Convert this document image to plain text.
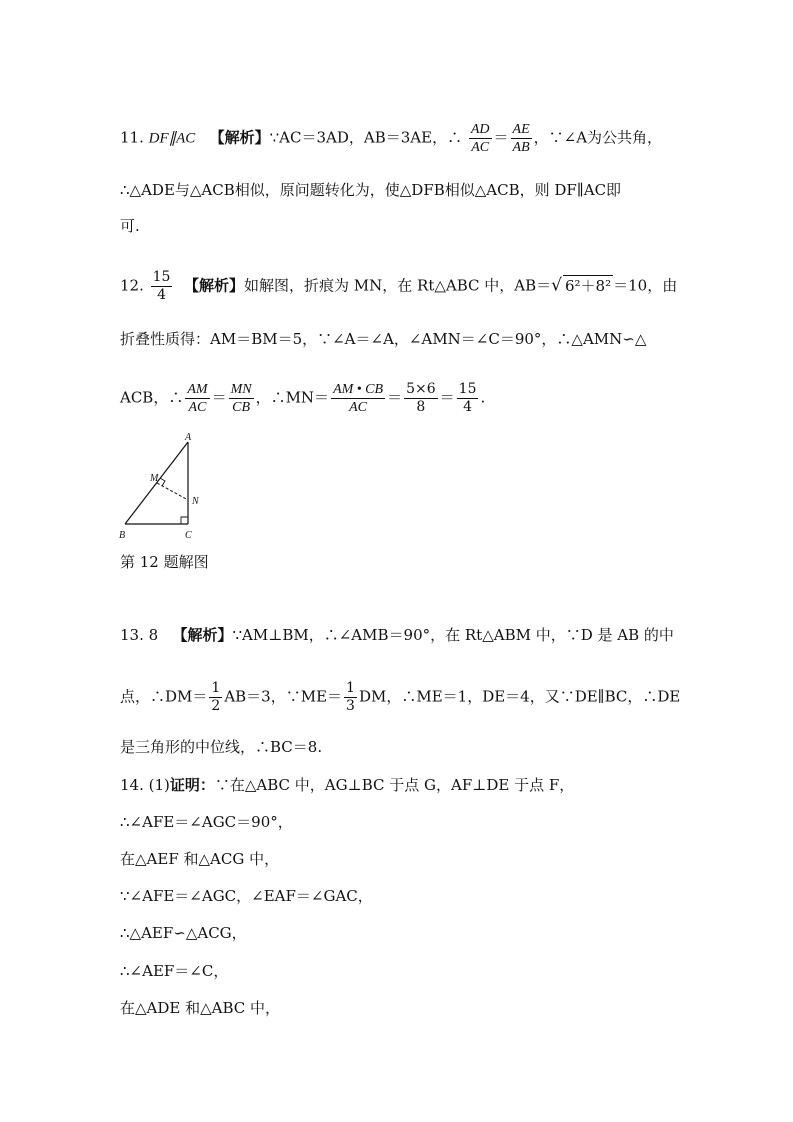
11. DF∥AC 【解析】∵AC＝3AD，AB＝3AE，∴ $\frac{AD}{AC} = \frac{AE}{AB}$ ，∵∠A为公共角，
∴△ADE与△ACB相似，原问题转化为，使△DFB相似△ACB，则 DF∥AC即
可.
12. $\frac{15}{4}$ 【解析】如解图，折痕为 MN，在 Rt△ABC 中，AB＝√ 6²＋8² ＝10，由
折叠性质得：AM＝BM＝5，∵∠A＝∠A，∠AMN＝∠C＝90°，∴△AMN∽△
ACB，∴ $\frac{AM}{AC} = \frac{MN}{CB}$ ，∴MN＝ $\frac{AM • CB}{AC} = \frac{5\times 6}{8} = \frac{15}{4}$ .
A
M
N
B	C
第 12 题解图
13. 8 【解析】∵AM⊥BM，∴∠AMB＝90°，在 Rt△ABM 中，∵D 是 AB 的中
点，∴DM＝ $\frac{1}{2} AB=3$，∵ME＝ $\frac{1}{3}$ DM，∴ME＝1，DE＝4，又∵DE∥BC，∴DE
是三角形的中位线，∴BC＝8.
14. (1)证明：∵在△ABC 中，AG⊥BC 于点 G，AF⊥DE 于点 F，
∴∠AFE＝∠AGC＝90°，
在△AEF 和△ACG 中，
∵∠AFE＝∠AGC，∠EAF＝∠GAC，
∴△AEF∽△ACG，
∴∠AEF＝∠C，
在△ADE 和△ABC 中，
